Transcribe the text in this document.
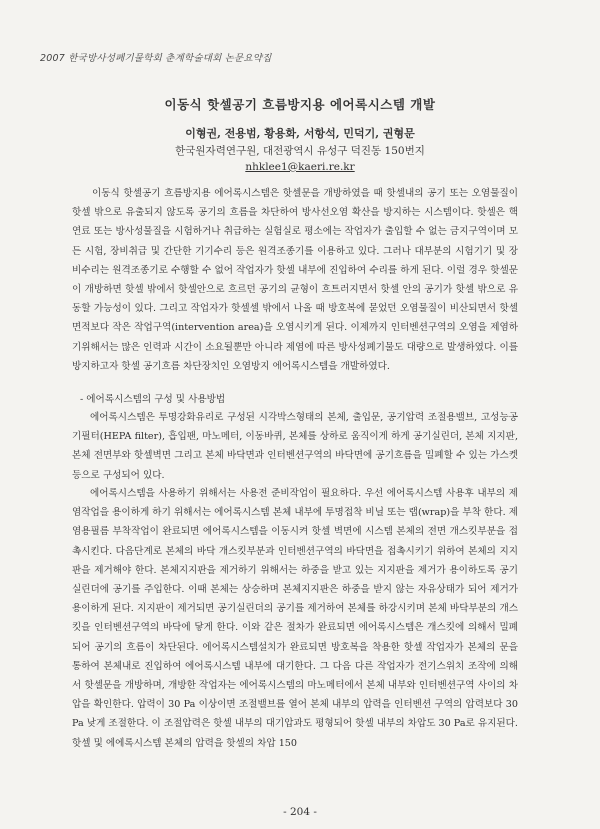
2007 한국방사성폐기물학회 춘계학술대회 논문요약집
이동식 핫셀공기 흐름방지용 에어록시스템 개발
이형권, 전용범, 황용화, 서항석, 민덕기, 권형문
한국원자력연구원, 대전광역시 유성구 덕진동 150번지
nhklee1@kaeri.re.kr

이동식 핫셀공기 흐름방지용 에어록시스템은 핫셀문을 개방하였을 때 핫셀내의 공기 또는 오염물질이 핫셀 밖으로 유출되지 않도록 공기의 흐름을 차단하여 방사선오염 확산을 방지하는 시스템이다. 핫셀은 핵연료 또는 방사성물질을 시험하거나 취급하는 실험실로 평소에는 작업자가 출입할 수 없는 금지구역이며 모든 시험, 장비취급 및 간단한 기기수리 등은 원격조종기를 이용하고 있다. 그러나 대부분의 시험기기 및 장비수리는 원격조종기로 수행할 수 없어 작업자가 핫셀 내부에 진입하여 수리를 하게 된다. 이럴 경우 핫셀문이 개방하면 핫셀 밖에서 핫셀안으로 흐르던 공기의 균형이 흐트러지면서 핫셀 안의 공기가 핫셀 밖으로 유동할 가능성이 있다. 그리고 작업자가 핫셀셀 밖에서 나올 때 방호복에 묻었던 오염물질이 비산되면서 핫셀 면적보다 작은 작업구역(intervention area)을 오염시키게 된다. 이제까지 인터벤션구역의 오염을 제염하기위해서는 많은 인력과 시간이 소요될뿐만 아니라 제염에 따른 방사성폐기물도 대량으로 발생하였다. 이를 방지하고자 핫셀 공기흐름 차단장치인 오염방지 에어록시스템을 개발하였다.

- 에어록시스템의 구성 및 사용방법

에어록시스템은 투명강화유리로 구성된 시각박스형태의 본체, 출입문, 공기압력 조절용밸브, 고성능공기필터(HEPA filter), 흡입팬, 마노메터, 이동바퀴, 본체를 상하로 움직이게 하게 공기실린더, 본체 지지판, 본체 전면부와 핫셀벽면 그리고 본체 바닥면과 인터벤션구역의 바닥면에 공기흐름을 밀폐할 수 있는 가스켓 등으로 구성되어 있다.

에어록시스템을 사용하기 위해서는 사용전 준비작업이 필요하다. 우선 에어록시스템 사용후 내부의 제염작업을 용이하게 하기 위해서는 에어록시스템 본체 내부에 투명접착 비닐 또는 랩(wrap)을 부착 한다. 제염용필름 부착작업이 완료되면 에어록시스템을 이동시켜 핫셀 벽면에 시스템 본체의 전면 개스킷부분을 접촉시킨다. 다음단계로 본체의 바닥 개스킷부분과 인터벤션구역의 바닥면을 접촉시키기 위하여 본체의 지지판을 제거해야 한다. 본체지지판을 제거하기 위해서는 하중을 받고 있는 지지판을 제거가 용이하도록 공기실린더에 공기를 주입한다. 이때 본체는 상승하며 본체지지판은 하중을 받지 않는 자유상태가 되어 제거가 용이하게 된다. 지지판이 제거되면 공기실린더의 공기를 제거하여 본체를 하강시키며 본체 바닥부분의 개스킷을 인터벤션구역의 바닥에 닿게 한다. 이와 같은 절차가 완료되면 에어록시스템은 개스킷에 의해서 밀폐되어 공기의 흐름이 차단된다. 에어록시스템설치가 완료되면 방호복을 착용한 핫셀 작업자가 본체의 문을 통하여 본체내로 진입하여 에어록시스템 내부에 대기한다. 그 다음 다른 작업자가 전기스위치 조작에 의해서 핫셀문을 개방하며, 개방한 작업자는 에어록시스템의 마노메터에서 본체 내부와 인터벤션구역 사이의 차압을 확인한다. 압력이 30 Pa 이상이면 조절밸브를 열어 본체 내부의 압력을 인터벤션 구역의 압력보다 30 Pa 낮게 조절한다. 이 조절압력은 핫셀 내부의 대기압과도 평형되어 핫셀 내부의 차압도 30 Pa로 유지된다. 핫셀 및 에에록시스템 본체의 압력을 핫셀의 차압 150

- 204 -
